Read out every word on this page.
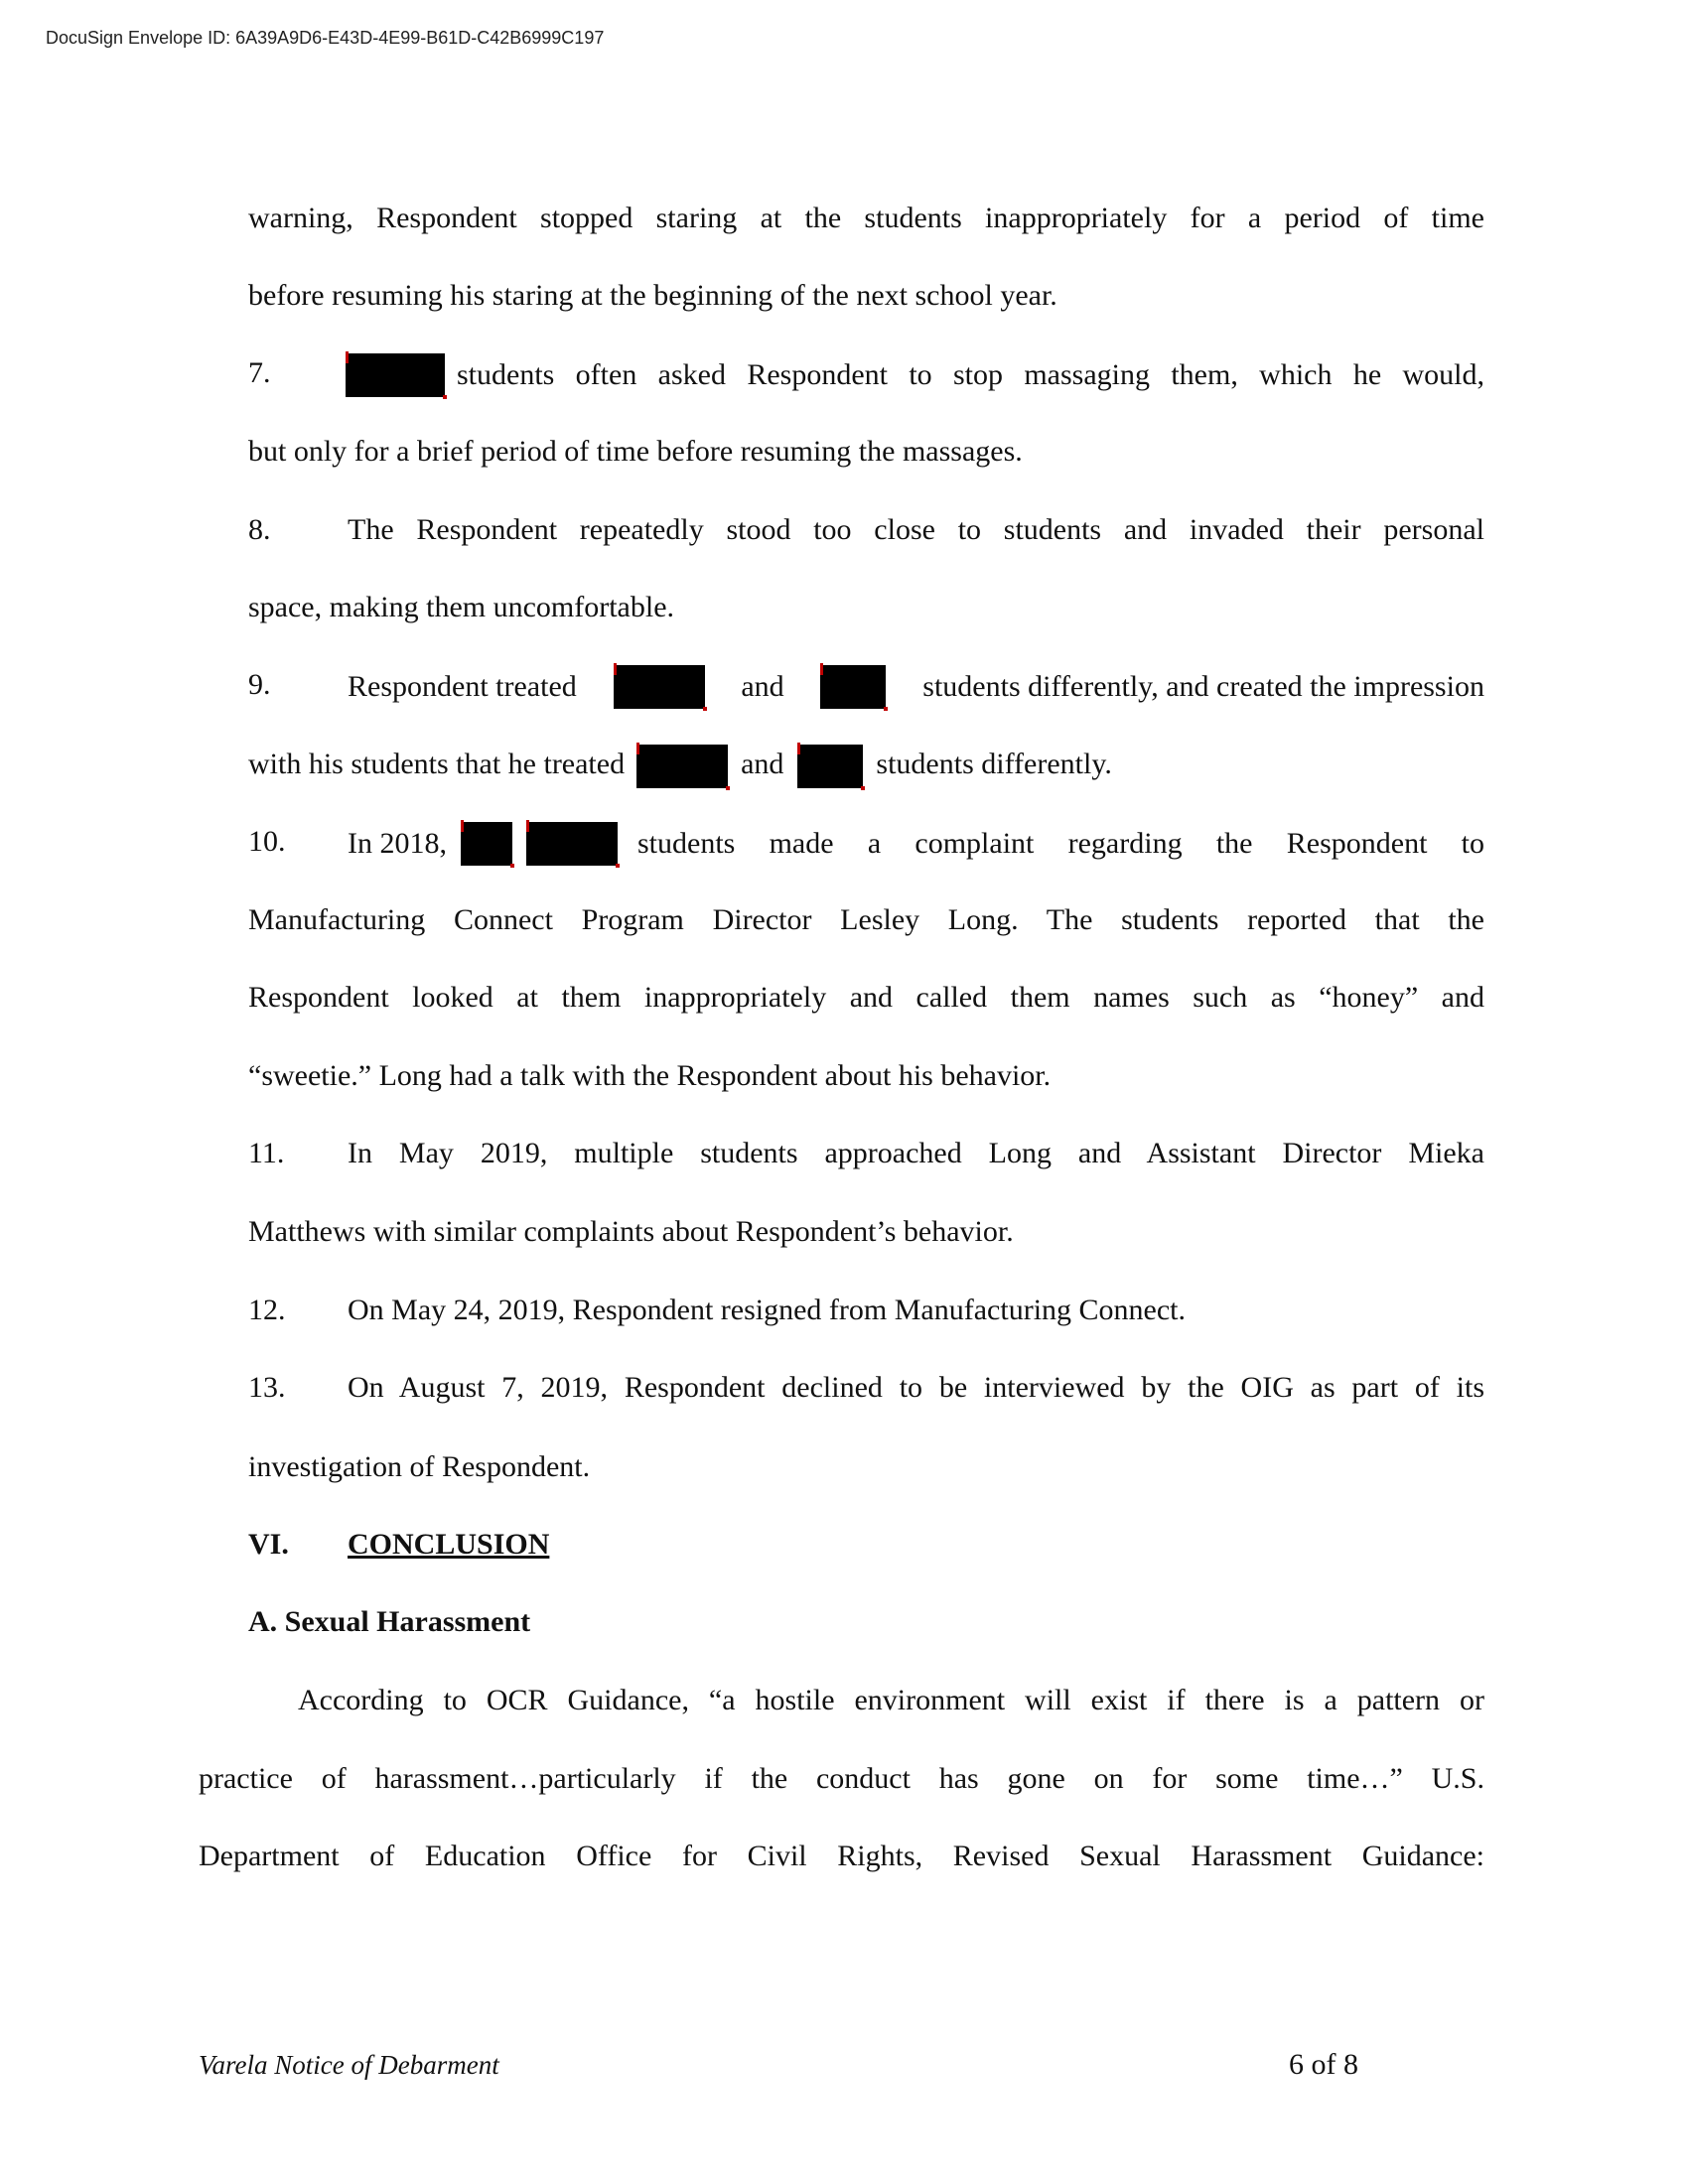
DocuSign Envelope ID: 6A39A9D6-E43D-4E99-B61D-C42B6999C197
warning, Respondent stopped staring at the students inappropriately for a period of time
before resuming his staring at the beginning of the next school year.
7.	students often asked Respondent to stop massaging them, which he would,
but only for a brief period of time before resuming the massages.
8.	The Respondent repeatedly stood too close to students and invaded their personal
space, making them uncomfortable.
9.	Respondent treated	and	students differently, and created the impression
with his students that he treated	and	students differently.
10. In 2018,	students made a complaint regarding the Respondent to
Manufacturing Connect Program Director Lesley Long. The students reported that the
Respondent looked at them inappropriately and called them names such as “honey” and
“sweetie.” Long had a talk with the Respondent about his behavior.
11. In May 2019, multiple students approached Long and Assistant Director Mieka
Matthews with similar complaints about Respondent’s behavior.
12. On May 24, 2019, Respondent resigned from Manufacturing Connect.
13. On August 7, 2019, Respondent declined to be interviewed by the OIG as part of its
investigation of Respondent.
VI. CONCLUSION
A. Sexual Harassment
According to OCR Guidance, “a hostile environment will exist if there is a pattern or
practice of harassment…particularly if the conduct has gone on for some time…” U.S.
Department of Education Office for Civil Rights, Revised Sexual Harassment Guidance:
Varela Notice of Debarment	6 of 8
